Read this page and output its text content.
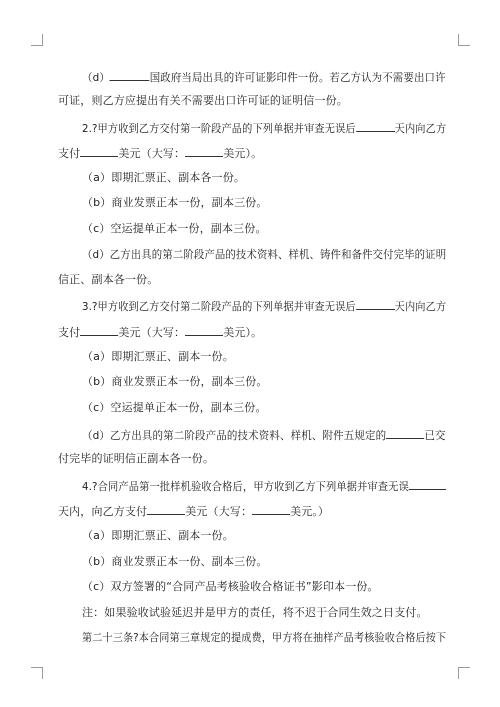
（d）	国政府当局出具的许可证影印件一份。若乙方认为不需要出口许
可证，则乙方应提出有关不需要出口许可证的证明信一份。
2.?甲方收到乙方交付第一阶段产品的下列单据并审查无误后	天内向乙方
支付	美元（大写：	美元）。
（a）即期汇票正、副本各一份。
（b）商业发票正本一份，副本三份。
（c）空运提单正本一份，副本三份。
（d）乙方出具的第二阶段产品的技术资料、样机、铸件和备件交付完毕的证明
信正、副本各一份。
3.?甲方收到乙方交付第二阶段产品的下列单据并审查无误后	天内向乙方
支付	美元（大写：	美元）。
（a）即期汇票正、副本一份。
（b）商业发票正本一份，副本三份。
（c）空运提单正本一份，副本三份。
（d）乙方出具的第二阶段产品的技术资料、样机、附件五规定的	已交
付完毕的证明信正副本各一份。
4.?合同产品第一批样机验收合格后，甲方收到乙方下列单据并审查无误
天内，向乙方支付	美元（大写：	美元。）
（a）即期汇票正、副本一份。
（b）商业发票正本一份、副本三份。
（c）双方签署的“合同产品考核验收合格证书”影印本一份。
注：如果验收试验延迟并是甲方的责任，将不迟于合同生效之日支付。
第二十三条?本合同第三章规定的提成费，甲方将在抽样产品考核验收合格后按下
